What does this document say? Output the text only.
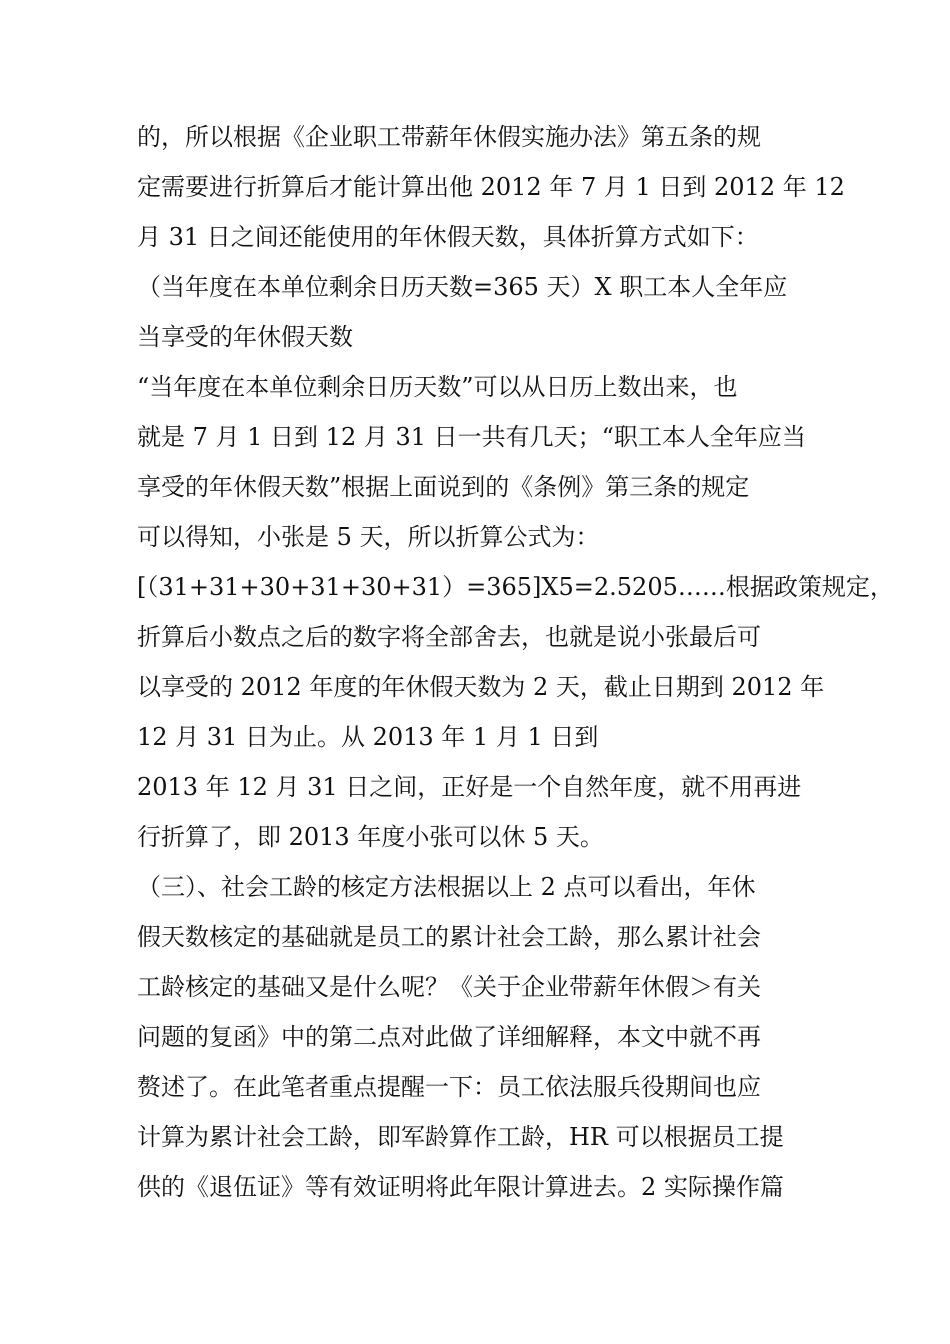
的，所以根据《企业职工带薪年休假实施办法》第五条的规
定需要进行折算后才能计算出他 2012 年 7 月 1 日到 2012 年 12
月 31 日之间还能使用的年休假天数，具体折算方式如下：
（当年度在本单位剩余日历天数=365 天）X 职工本人全年应
当享受的年休假天数
“当年度在本单位剩余日历天数”可以从日历上数出来，也
就是 7 月 1 日到 12 月 31 日一共有几天；“职工本人全年应当
享受的年休假天数”根据上面说到的《条例》第三条的规定
可以得知，小张是 5 天，所以折算公式为：
[（31+31+30+31+30+31）=365]X5=2.5205……根据政策规定，
折算后小数点之后的数字将全部舍去，也就是说小张最后可
以享受的 2012 年度的年休假天数为 2 天，截止日期到 2012 年
12 月 31 日为止。从 2013 年 1 月 1 日到
2013 年 12 月 31 日之间，正好是一个自然年度，就不用再进
行折算了，即 2013 年度小张可以休 5 天。
（三）、社会工龄的核定方法根据以上 2 点可以看出，年休
假天数核定的基础就是员工的累计社会工龄，那么累计社会
工龄核定的基础又是什么呢？《关于企业带薪年休假＞有关
问题的复函》中的第二点对此做了详细解释，本文中就不再
赘述了。在此笔者重点提醒一下：员工依法服兵役期间也应
计算为累计社会工龄，即军龄算作工龄，HR 可以根据员工提
供的《退伍证》等有效证明将此年限计算进去。2 实际操作篇
